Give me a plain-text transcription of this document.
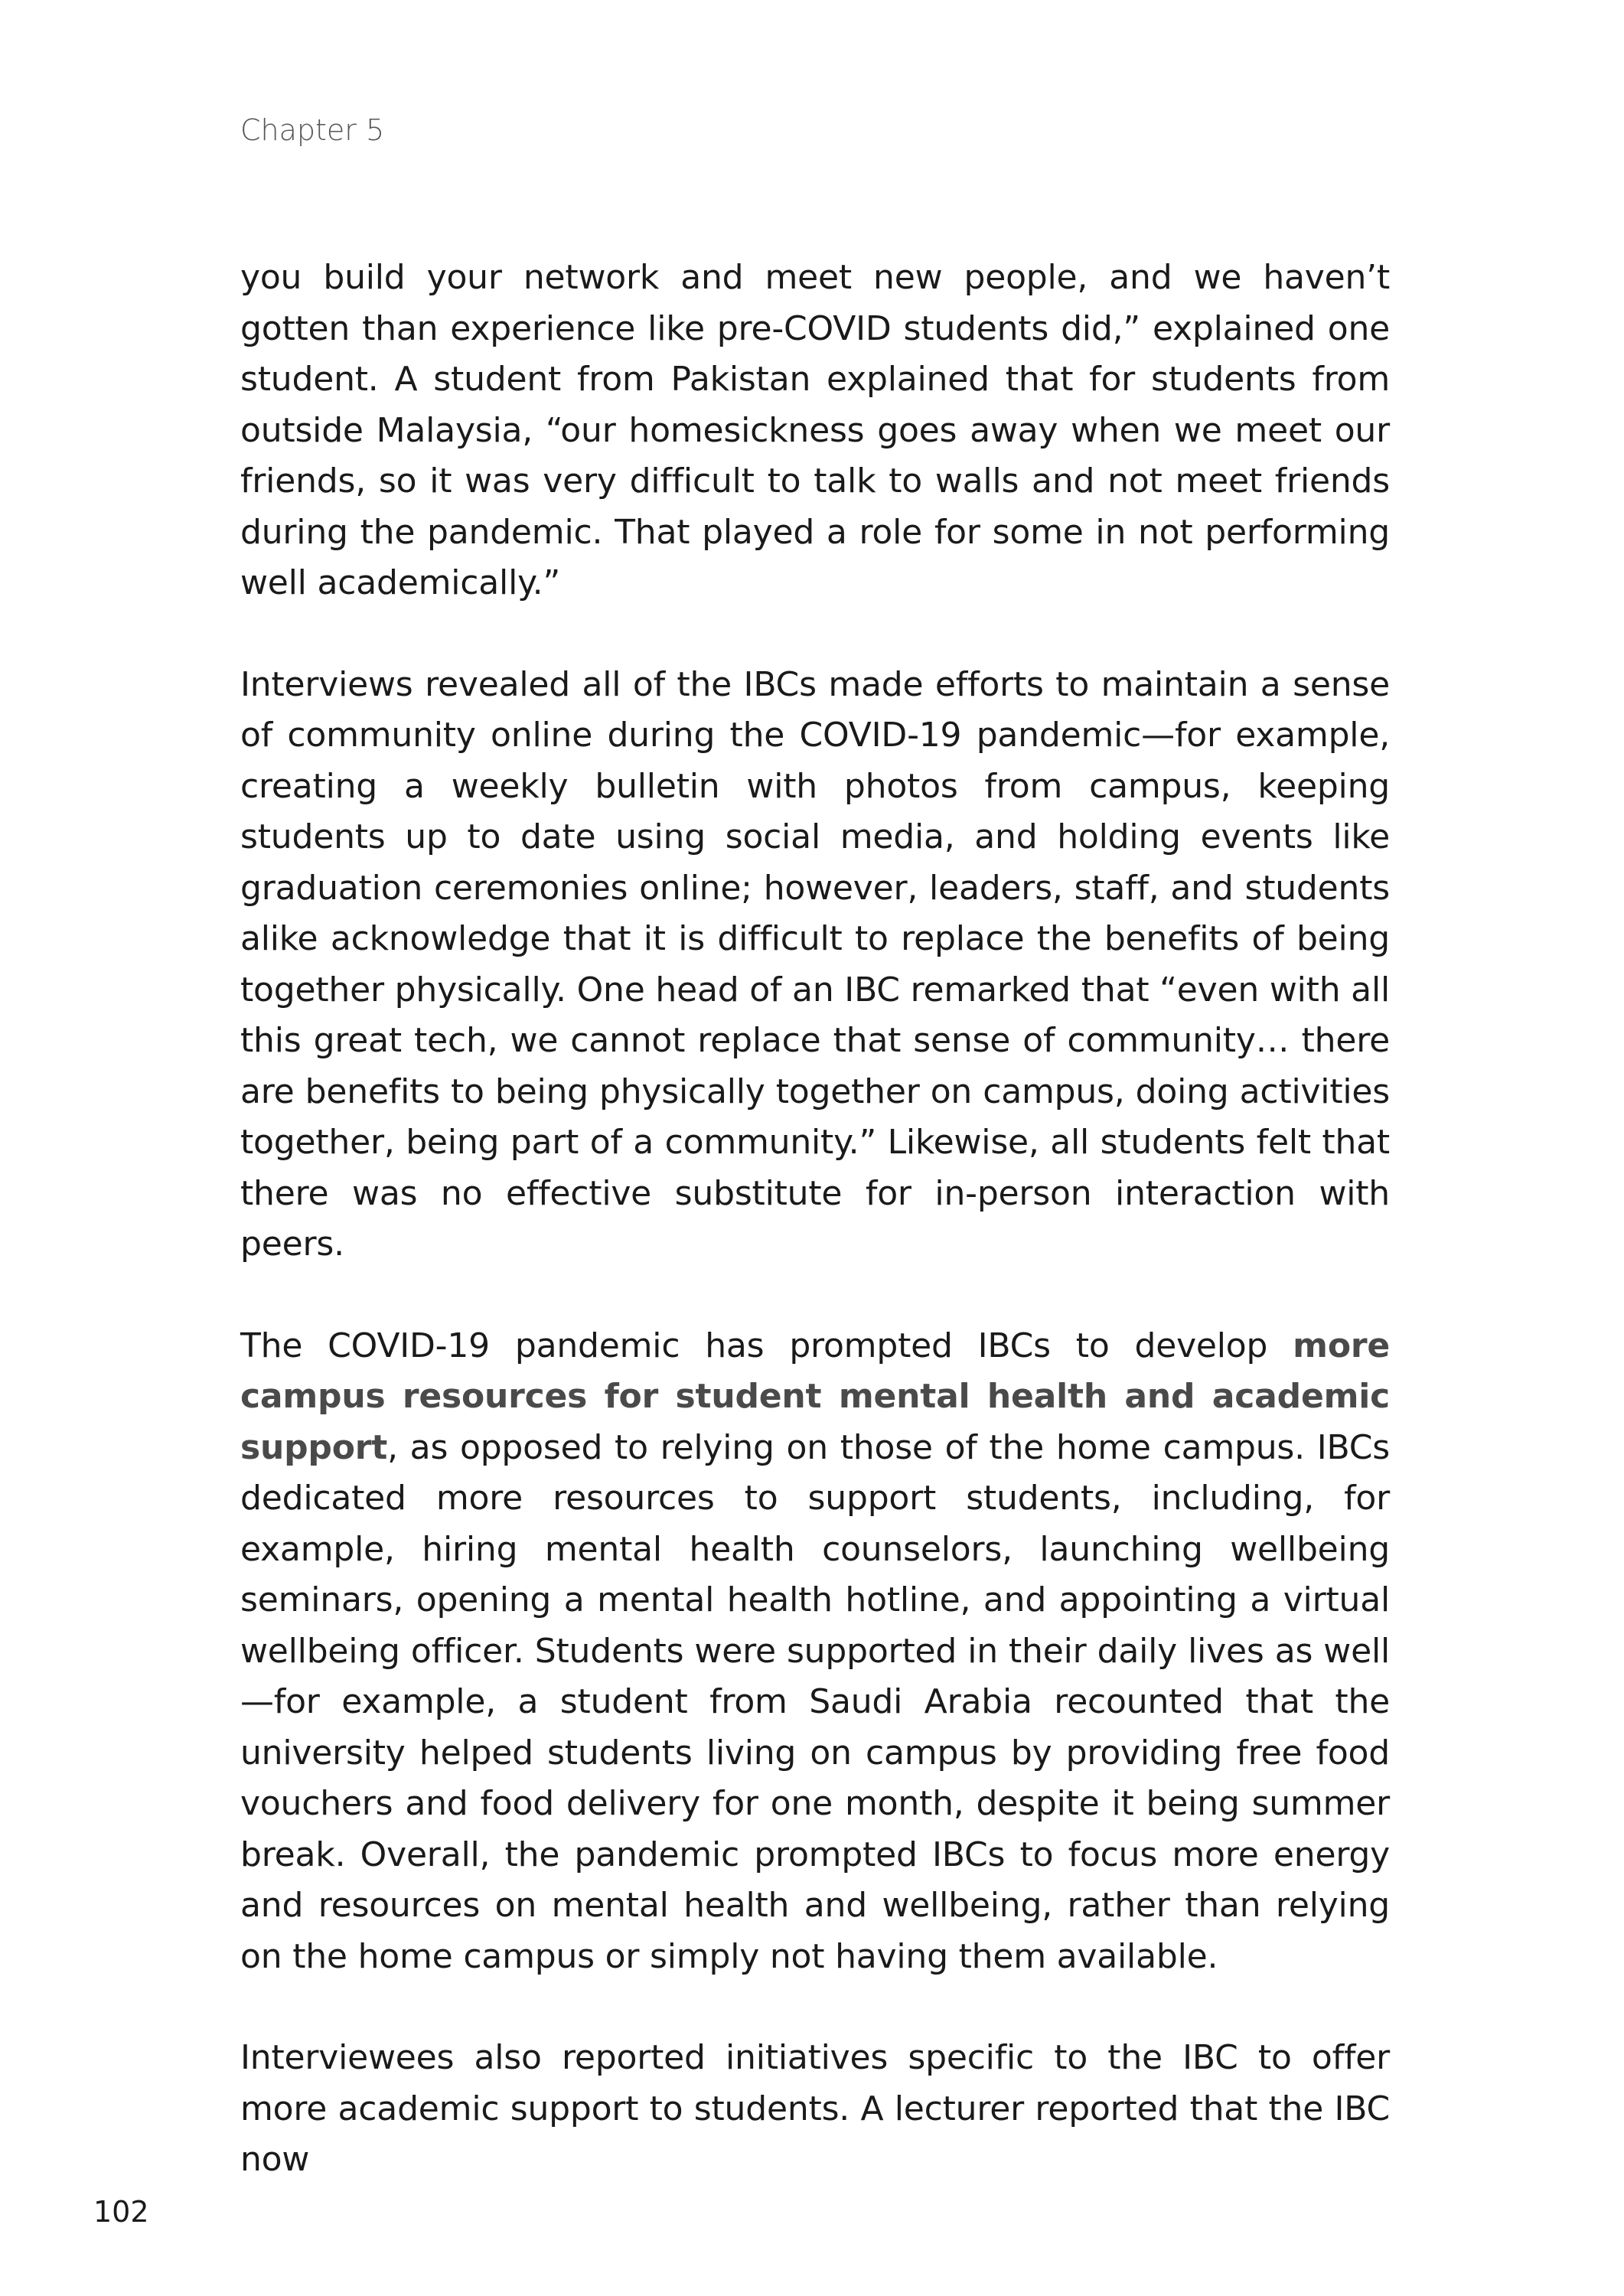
Chapter 5

you build your network and meet new people, and we haven’t gotten than experience like pre-COVID students did,” explained one student. A student from Pakistan explained that for students from outside Malaysia, “our homesickness goes away when we meet our friends, so it was very difficult to talk to walls and not meet friends during the pandemic. That played a role for some in not performing well academically.”

Interviews revealed all of the IBCs made efforts to maintain a sense of community online during the COVID-19 pandemic—for example, creating a weekly bulletin with photos from campus, keeping students up to date using social media, and holding events like graduation ceremonies online; however, leaders, staff, and students alike acknowledge that it is difficult to replace the benefits of being together physically. One head of an IBC remarked that “even with all this great tech, we cannot replace that sense of community… there are benefits to being physically together on campus, doing activities together, being part of a community.” Likewise, all students felt that there was no effective substitute for in-person interaction with peers.

The COVID-19 pandemic has prompted IBCs to develop more campus resources for student mental health and academic support, as opposed to relying on those of the home campus. IBCs dedicated more resources to support students, including, for example, hiring mental health counselors, launching wellbeing seminars, opening a mental health hotline, and appointing a virtual wellbeing officer. Students were supported in their daily lives as well—for example, a student from Saudi Arabia recounted that the university helped students living on campus by providing free food vouchers and food delivery for one month, despite it being summer break. Overall, the pandemic prompted IBCs to focus more energy and resources on mental health and wellbeing, rather than relying on the home campus or simply not having them available.

Interviewees also reported initiatives specific to the IBC to offer more academic support to students. A lecturer reported that the IBC now

102
